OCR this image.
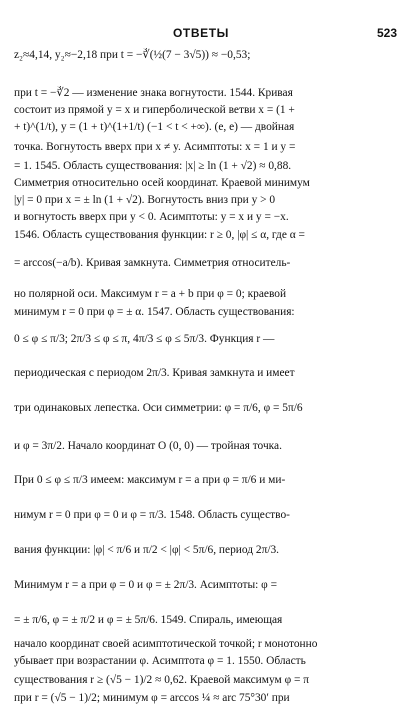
ОТВЕТЫ	523
z₂≈4,14, y₂≈−2,18 при t = −∛(½(7 − 3√5)) ≈ −0,53;
при t = −∛2 — изменение знака вогнутости. 1544. Кривая
состоит из прямой y = x и гиперболической ветви x = (1 +
+ t)^(1/t), y = (1 + t)^(1+1/t) (−1 < t < +∞). (e, e) — двойная
точка. Вогнутость вверх при x ≠ y. Асимптоты: x = 1 и y =
= 1. 1545. Область существования: |x| ≥ ln (1 + √2) ≈ 0,88.
Симметрия относительно осей координат. Краевой минимум
|y| = 0 при x = ± ln (1 + √2). Вогнутость вниз при y > 0
и вогнутость вверх при y < 0. Асимптоты: y = x и y = −x.
1546. Область существования функции: r ≥ 0, |φ| ≤ α, где α =
= arccos(−a/b). Кривая замкнута. Симметрия относитель-
но полярной оси. Максимум r = a + b при φ = 0; краевой
минимум r = 0 при φ = ± α. 1547. Область существования:
0 ≤ φ ≤ π/3; 2π/3 ≤ φ ≤ π, 4π/3 ≤ φ ≤ 5π/3. Функция r —
периодическая с периодом 2π/3. Кривая замкнута и имеет
три одинаковых лепестка. Оси симметрии: φ = π/6, φ = 5π/6
и φ = 3π/2. Начало координат O (0, 0) — тройная точка.
При 0 ≤ φ ≤ π/3 имеем: максимум r = a при φ = π/6 и ми-
нимум r = 0 при φ = 0 и φ = π/3. 1548. Область существо-
вания функции: |φ| < π/6 и π/2 < |φ| < 5π/6, период 2π/3.
Минимум r = a при φ = 0 и φ = ± 2π/3. Асимптоты: φ =
= ± π/6, φ = ± π/2 и φ = ± 5π/6. 1549. Спираль, имеющая
начало координат своей асимптотической точкой; r монотонно
убывает при возрастании φ. Асимптота φ = 1. 1550. Область
существования r ≥ (√5 − 1)/2 ≈ 0,62. Краевой максимум φ = π
при r = (√5 − 1)/2; минимум φ = arccos ¼ ≈ arc 75°30′ при
